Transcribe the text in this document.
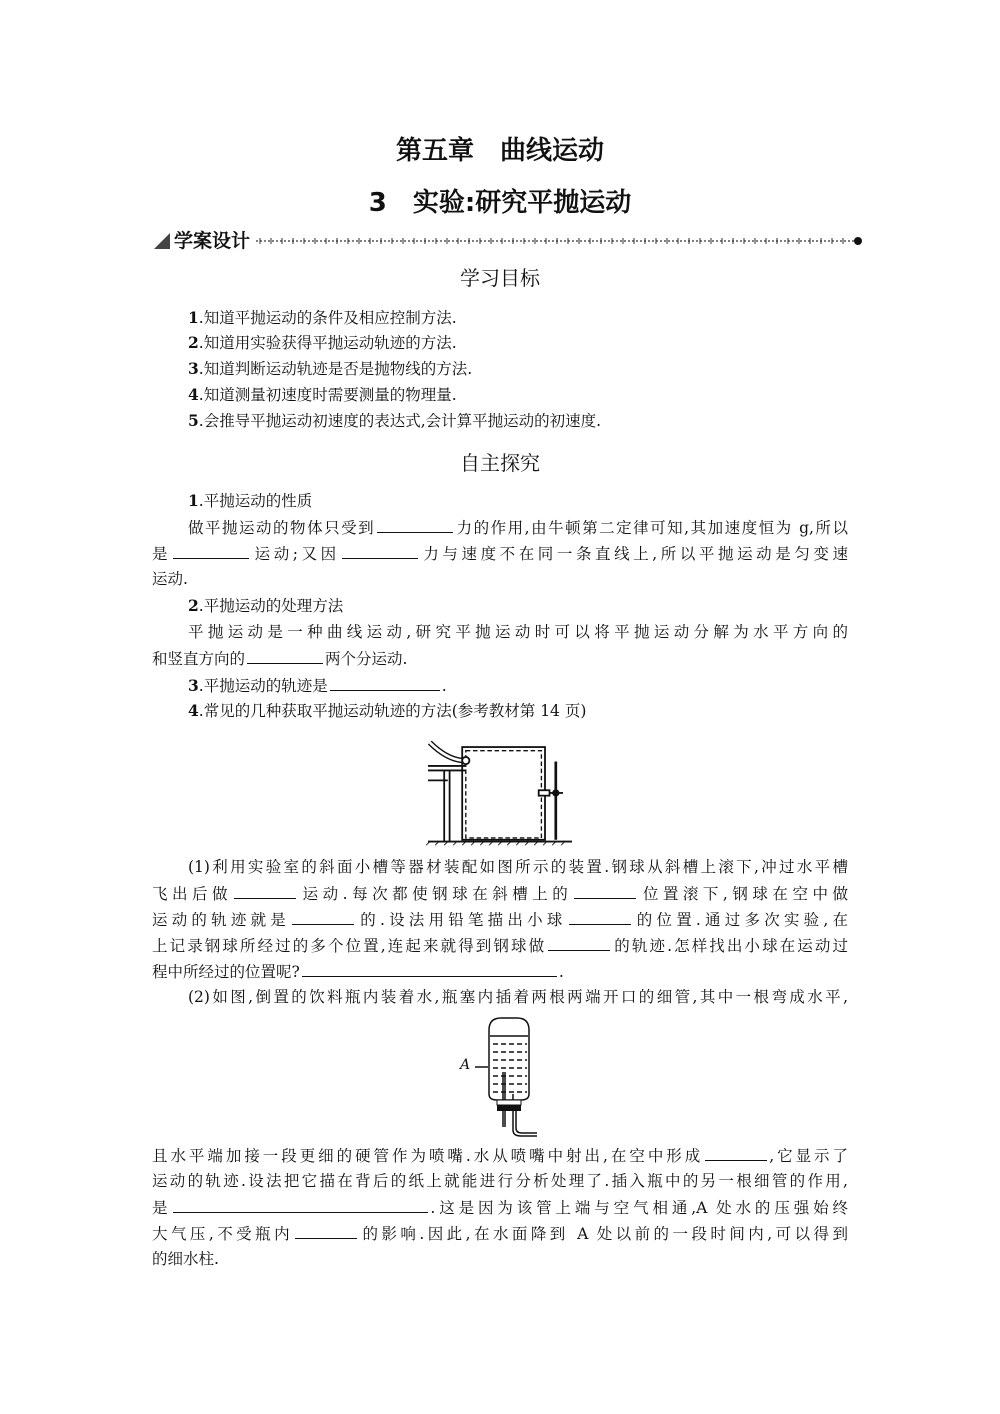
第五章　曲线运动
3　实验:研究平抛运动
学案设计
学习目标
1.知道平抛运动的条件及相应控制方法.
2.知道用实验获得平抛运动轨迹的方法.
3.知道判断运动轨迹是否是抛物线的方法.
4.知道测量初速度时需要测量的物理量.
5.会推导平抛运动初速度的表达式,会计算平抛运动的初速度.
自主探究
1.平抛运动的性质
做平抛运动的物体只受到	力的作用,由牛顿第二定律可知,其加速度恒为 g,所以
是	运动;又因	力与速度不在同一条直线上,所以平抛运动是匀变速
运动.
2.平抛运动的处理方法
平抛运动是一种曲线运动,研究平抛运动时可以将平抛运动分解为水平方向的
和竖直方向的	两个分运动.
3.平抛运动的轨迹是	.
4.常见的几种获取平抛运动轨迹的方法(参考教材第 14 页)
(1)利用实验室的斜面小槽等器材装配如图所示的装置.钢球从斜槽上滚下,冲过水平槽
飞出后做	运动.每次都使钢球在斜槽上的	位置滚下,钢球在空中做
运动的轨迹就是	的.设法用铅笔描出小球	的位置.通过多次实验,在
上记录钢球所经过的多个位置,连起来就得到钢球做	的轨迹.怎样找出小球在运动过
程中所经过的位置呢?	.
(2)如图,倒置的饮料瓶内装着水,瓶塞内插着两根两端开口的细管,其中一根弯成水平,
且水平端加接一段更细的硬管作为喷嘴.水从喷嘴中射出,在空中形成	,它显示了
运动的轨迹.设法把它描在背后的纸上就能进行分析处理了.插入瓶中的另一根细管的作用,
是	.这是因为该管上端与空气相通,A 处水的压强始终
大气压,不受瓶内	的影响.因此,在水面降到 A 处以前的一段时间内,可以得到
的细水柱.
A
